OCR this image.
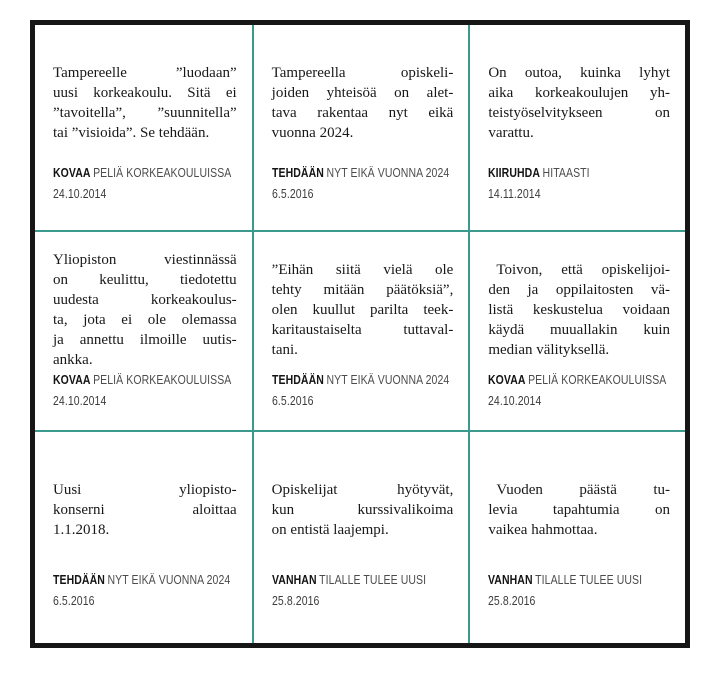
Tampereelle ”luodaan”
uusi korkeakoulu. Sitä ei
”tavoitella”, ”suunnitella”
tai ”visioida”. Se tehdään.
KOVAA PELIÄ KORKEAKOULUISSA
24.10.2014
Tampereella opiskeli-
joiden yhteisöä on alet-
tava rakentaa nyt eikä
vuonna 2024.
TEHDÄÄN NYT EIKÄ VUONNA 2024
6.5.2016
On outoa, kuinka lyhyt
aika korkeakoulujen yh-
teistyöselvitykseen on
varattu.
KIIRUHDA HITAASTI
14.11.2014
Yliopiston viestinnässä
on keulittu, tiedotettu
uudesta korkeakoulus-
ta, jota ei ole olemassa
ja annettu ilmoille uutis-
ankka.
KOVAA PELIÄ KORKEAKOULUISSA
24.10.2014
”Eihän siitä vielä ole
tehty mitään päätöksiä”,
olen kuullut parilta teek-
karitaustaiselta tuttaval-
tani.
TEHDÄÄN NYT EIKÄ VUONNA 2024
6.5.2016
Toivon, että opiskelijoi-
den ja oppilaitosten vä-
listä keskustelua voidaan
käydä muuallakin kuin
median välityksellä.
KOVAA PELIÄ KORKEAKOULUISSA
24.10.2014
Uusi yliopisto-
konserni aloittaa
1.1.2018.
TEHDÄÄN NYT EIKÄ VUONNA 2024
6.5.2016
Opiskelijat hyötyvät,
kun kurssivalikoima
on entistä laajempi.
VANHAN TILALLE TULEE UUSI
25.8.2016
Vuoden päästä tu-
levia tapahtumia on
vaikea hahmottaa.
VANHAN TILALLE TULEE UUSI
25.8.2016
